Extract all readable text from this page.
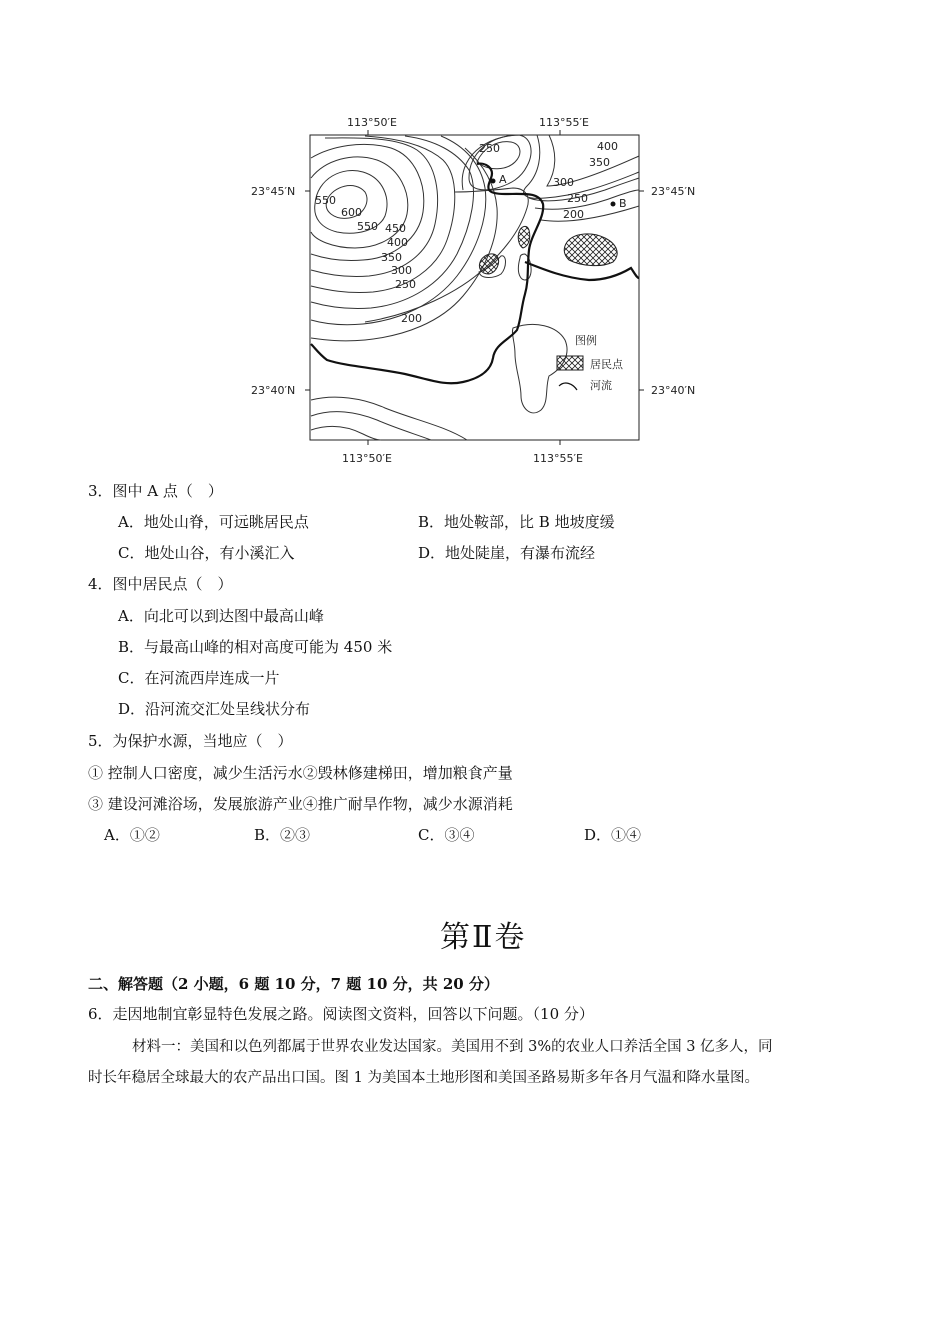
113°50′E	113°55′E
113°50′E	113°55′E
23°45′N	23°45′N
23°40′N	23°40′N
A
B
250	400
350
300
250
200
550
600
550 450
400
350
300
250
200
图例
居民点
河流
3．图中 A 点（　）
A．地处山脊，可远眺居民点	B．地处鞍部，比 B 地坡度缓
C．地处山谷，有小溪汇入	D．地处陡崖，有瀑布流经
4．图中居民点（　）
A．向北可以到达图中最高山峰
B．与最高山峰的相对高度可能为 450 米
C．在河流西岸连成一片
D．沿河流交汇处呈线状分布
5．为保护水源，当地应（　）
① 控制人口密度，减少生活污水②毁林修建梯田，增加粮食产量
③ 建设河滩浴场，发展旅游产业④推广耐旱作物，减少水源消耗
A．①②	B．②③	C．③④	D．①④
第Ⅱ卷
二、解答题（2 小题，6 题 10 分，7 题 10 分，共 20 分）
6．走因地制宜彰显特色发展之路。阅读图文资料，回答以下问题。（10 分）
材料一：美国和以色列都属于世界农业发达国家。美国用不到 3%的农业人口养活全国 3 亿多人，同
时长年稳居全球最大的农产品出口国。图 1 为美国本土地形图和美国圣路易斯多年各月气温和降水量图。
